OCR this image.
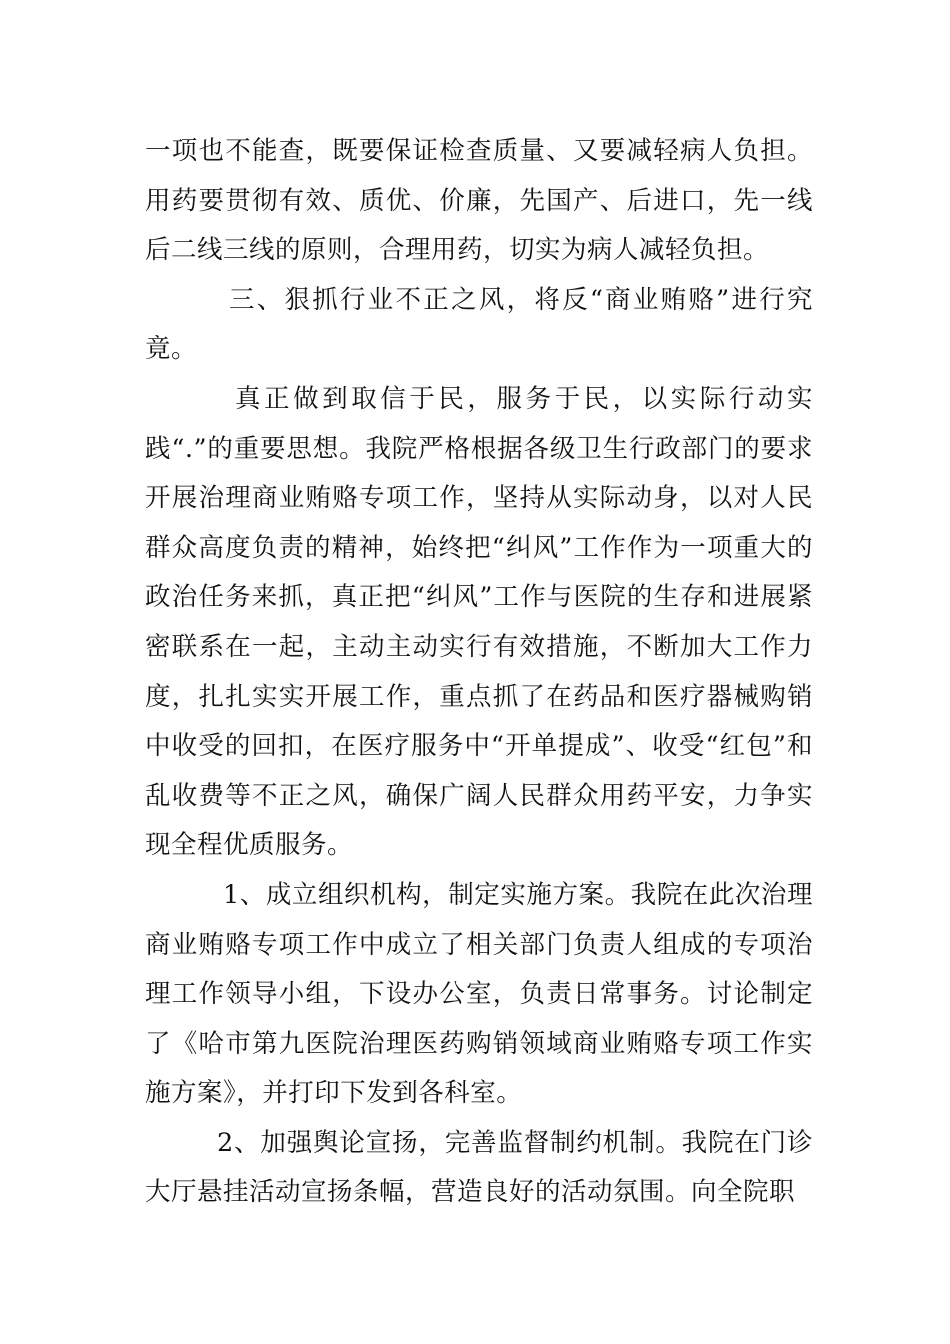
一项也不能查，既要保证检查质量、又要减轻病人负担。用药要贯彻有效、质优、价廉，先国产、后进口，先一线后二线三线的原则，合理用药，切实为病人减轻负担。

三、狠抓行业不正之风，将反“商业贿赂”进行究竟。

真正做到取信于民，服务于民，以实际行动实践“.”的重要思想。我院严格根据各级卫生行政部门的要求开展治理商业贿赂专项工作，坚持从实际动身，以对人民群众高度负责的精神，始终把“纠风”工作作为一项重大的政治任务来抓，真正把“纠风”工作与医院的生存和进展紧密联系在一起，主动主动实行有效措施，不断加大工作力度，扎扎实实开展工作，重点抓了在药品和医疗器械购销中收受的回扣，在医疗服务中“开单提成”、收受“红包”和乱收费等不正之风，确保广阔人民群众用药平安，力争实现全程优质服务。

1、成立组织机构，制定实施方案。我院在此次治理商业贿赂专项工作中成立了相关部门负责人组成的专项治理工作领导小组，下设办公室，负责日常事务。讨论制定了《哈市第九医院治理医药购销领域商业贿赂专项工作实施方案》，并打印下发到各科室。

2、加强舆论宣扬，完善监督制约机制。我院在门诊大厅悬挂活动宣扬条幅，营造良好的活动氛围。向全院职
